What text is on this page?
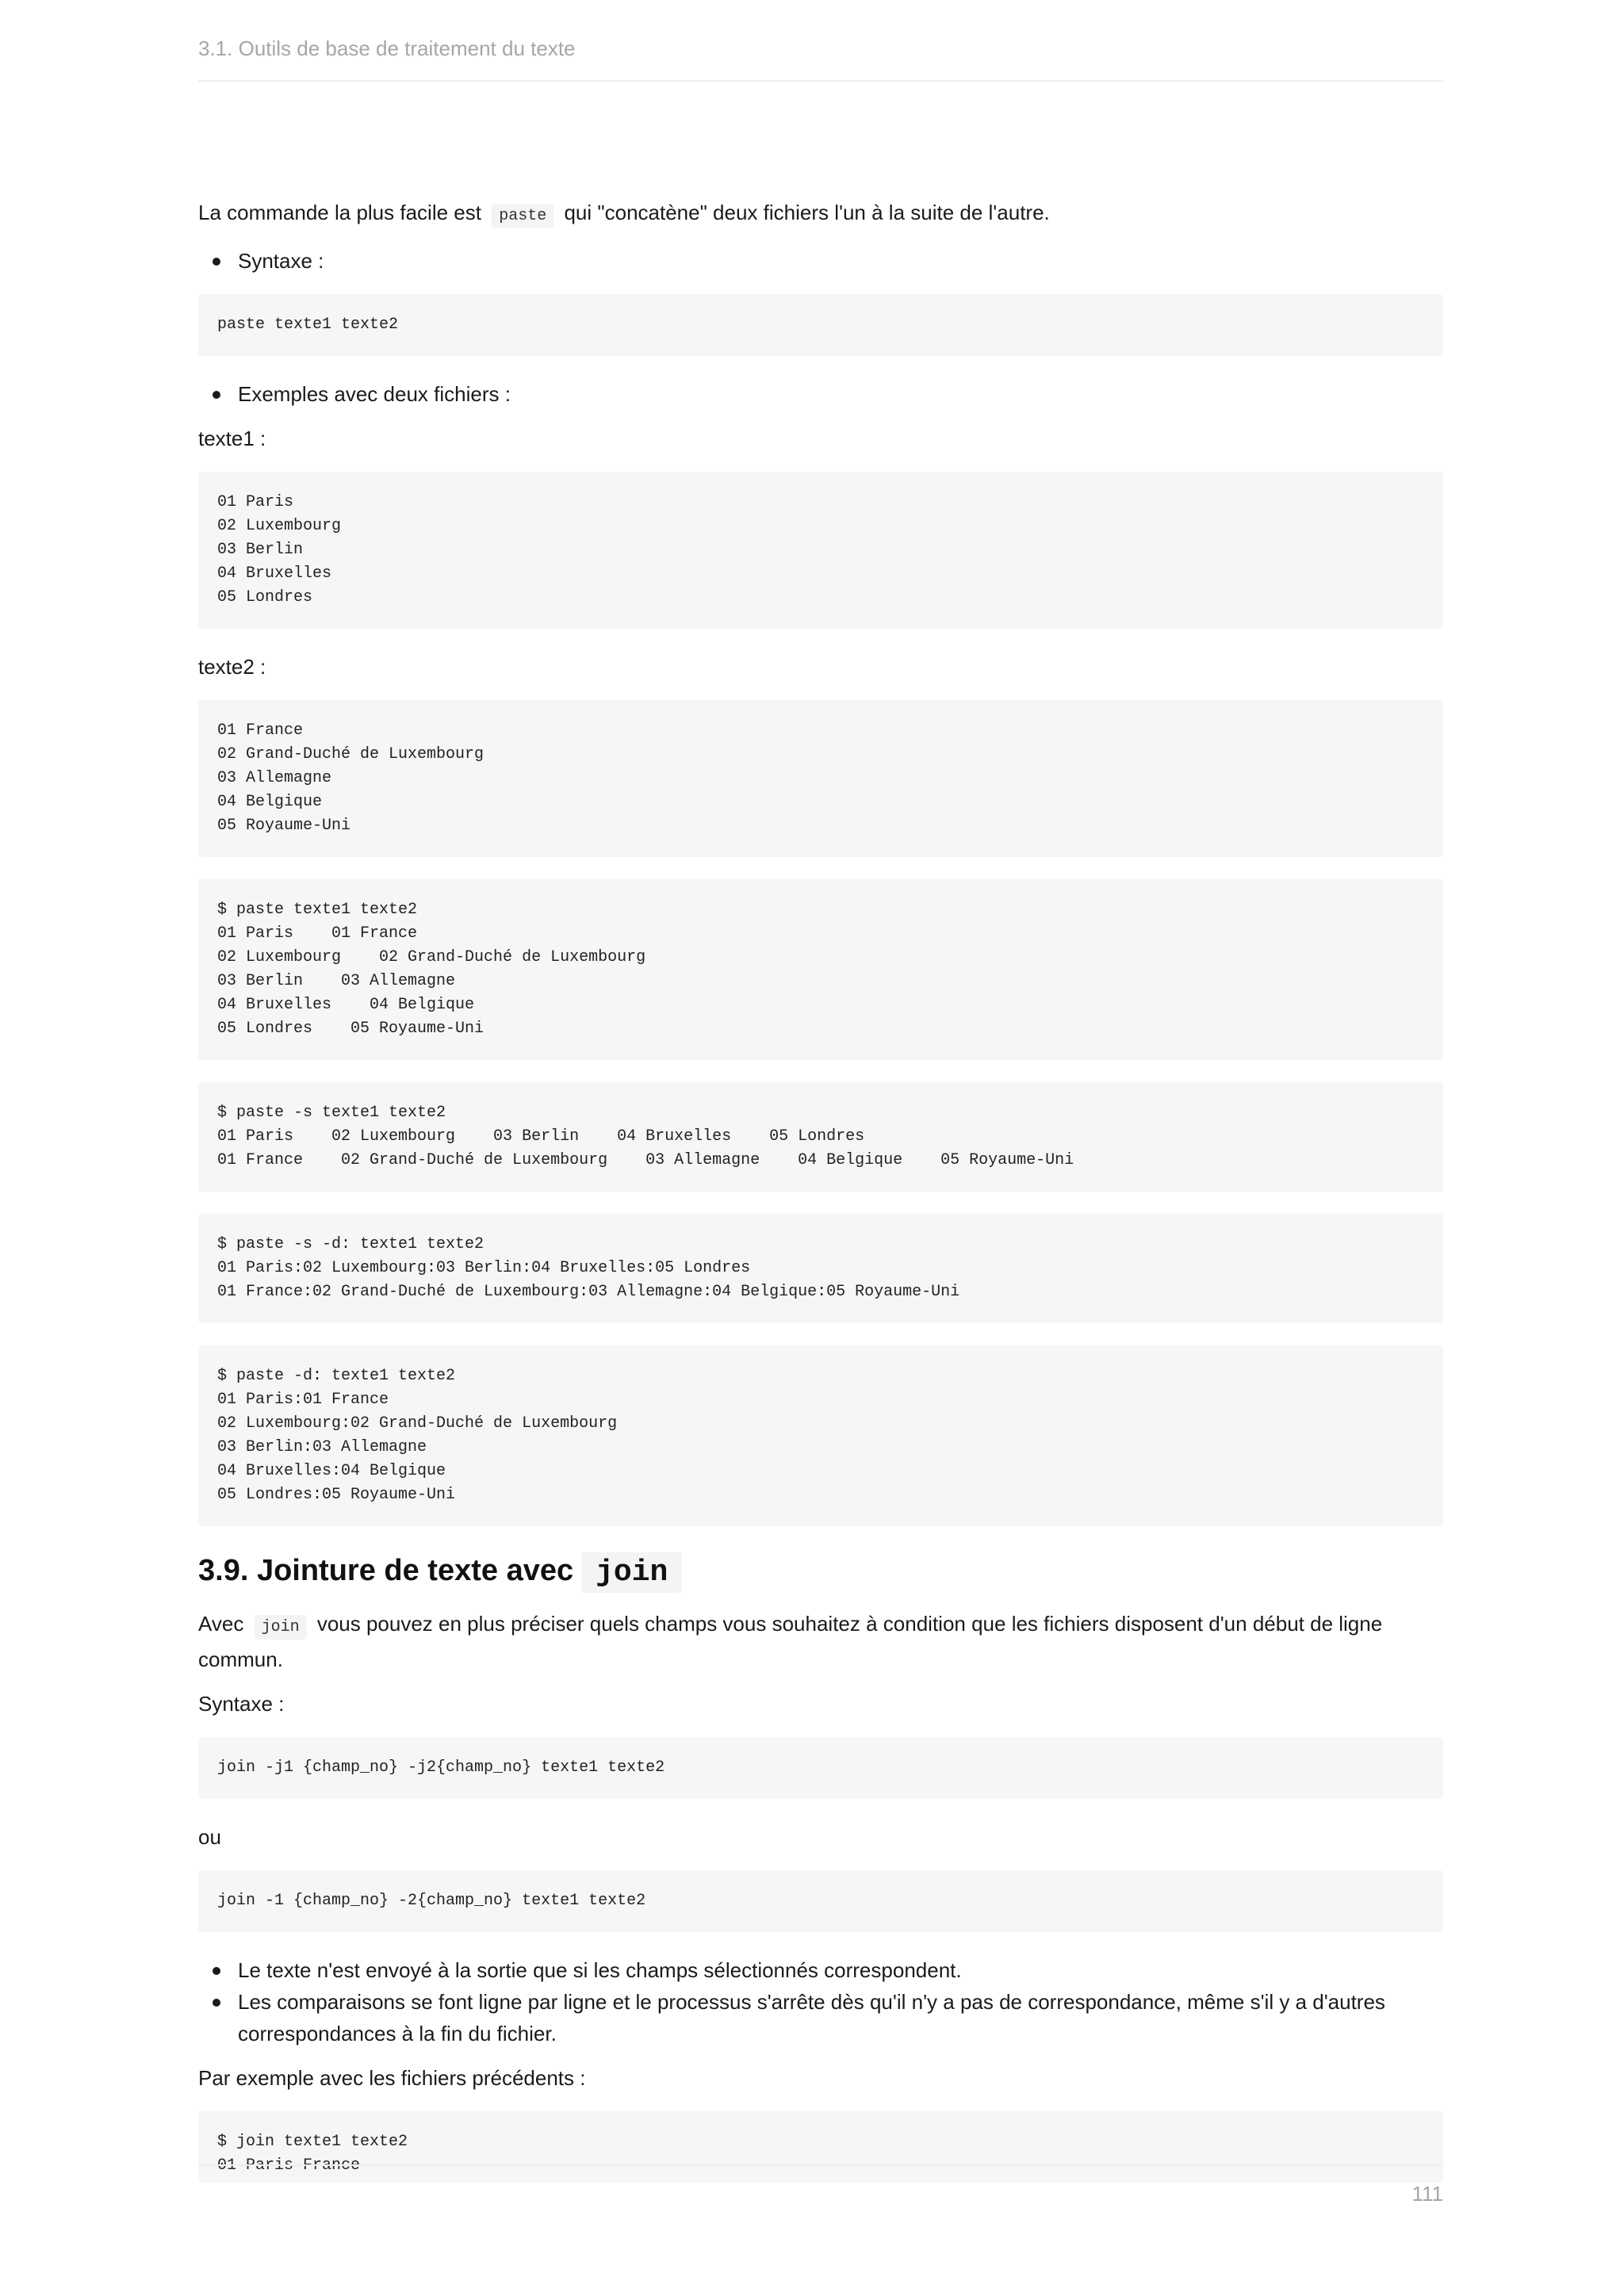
3.1. Outils de base de traitement du texte

La commande la plus facile est paste qui "concatène" deux fichiers l'un à la suite de l'autre.

Syntaxe :
paste texte1 texte2
Exemples avec deux fichiers :

texte1 :

01 Paris
02 Luxembourg
03 Berlin
04 Bruxelles
05 Londres

texte2 :

01 France
02 Grand-Duché de Luxembourg
03 Allemagne
04 Belgique
05 Royaume-Uni
$ paste texte1 texte2
01 Paris    01 France
02 Luxembourg    02 Grand-Duché de Luxembourg
03 Berlin    03 Allemagne
04 Bruxelles    04 Belgique
05 Londres    05 Royaume-Uni
$ paste -s texte1 texte2
01 Paris    02 Luxembourg    03 Berlin    04 Bruxelles    05 Londres
01 France    02 Grand-Duché de Luxembourg    03 Allemagne    04 Belgique    05 Royaume-Uni
$ paste -s -d: texte1 texte2
01 Paris:02 Luxembourg:03 Berlin:04 Bruxelles:05 Londres
01 France:02 Grand-Duché de Luxembourg:03 Allemagne:04 Belgique:05 Royaume-Uni
$ paste -d: texte1 texte2
01 Paris:01 France
02 Luxembourg:02 Grand-Duché de Luxembourg
03 Berlin:03 Allemagne
04 Bruxelles:04 Belgique
05 Londres:05 Royaume-Uni
3.9. Jointure de texte avec join

Avec join vous pouvez en plus préciser quels champs vous souhaitez à condition que les fichiers disposent d'un début de ligne commun.

Syntaxe :

join -j1 {champ_no} -j2{champ_no} texte1 texte2

ou

join -1 {champ_no} -2{champ_no} texte1 texte2
Le texte n'est envoyé à la sortie que si les champs sélectionnés correspondent.
Les comparaisons se font ligne par ligne et le processus s'arrête dès qu'il n'y a pas de correspondance, même s'il y a d'autres correspondances à la fin du fichier.

Par exemple avec les fichiers précédents :

$ join texte1 texte2
01 Paris France
111
